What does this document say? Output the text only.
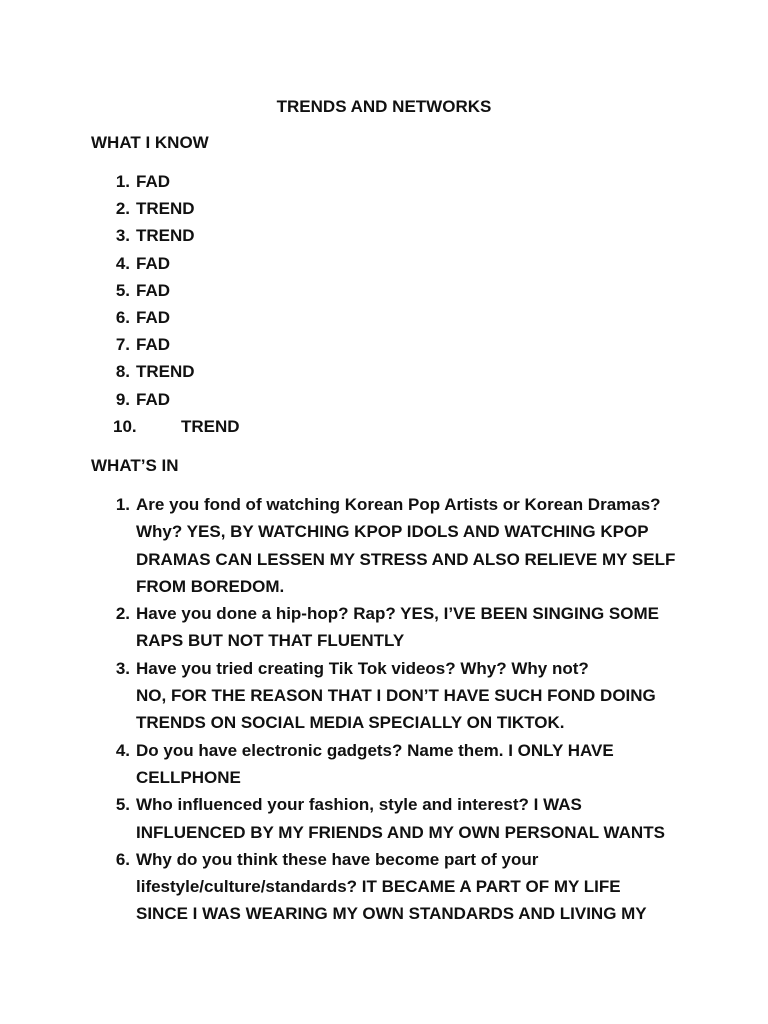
TRENDS AND NETWORKS
WHAT I KNOW
1. FAD
2. TREND
3. TREND
4. FAD
5. FAD
6. FAD
7. FAD
8. TREND
9. FAD
10.	TREND
WHAT’S IN
1. Are you fond of watching Korean Pop Artists or Korean Dramas?
Why? YES, BY WATCHING KPOP IDOLS AND WATCHING KPOP
DRAMAS CAN LESSEN MY STRESS AND ALSO RELIEVE MY SELF
FROM BOREDOM.
2. Have you done a hip-hop? Rap? YES, I’VE BEEN SINGING SOME
RAPS BUT NOT THAT FLUENTLY
3. Have you tried creating Tik Tok videos? Why? Why not?
NO, FOR THE REASON THAT I DON’T HAVE SUCH FOND DOING
TRENDS ON SOCIAL MEDIA SPECIALLY ON TIKTOK.
4. Do you have electronic gadgets? Name them. I ONLY HAVE
CELLPHONE
5. Who influenced your fashion, style and interest? I WAS
INFLUENCED BY MY FRIENDS AND MY OWN PERSONAL WANTS
6. Why do you think these have become part of your
lifestyle/culture/standards? IT BECAME A PART OF MY LIFE
SINCE I WAS WEARING MY OWN STANDARDS AND LIVING MY
